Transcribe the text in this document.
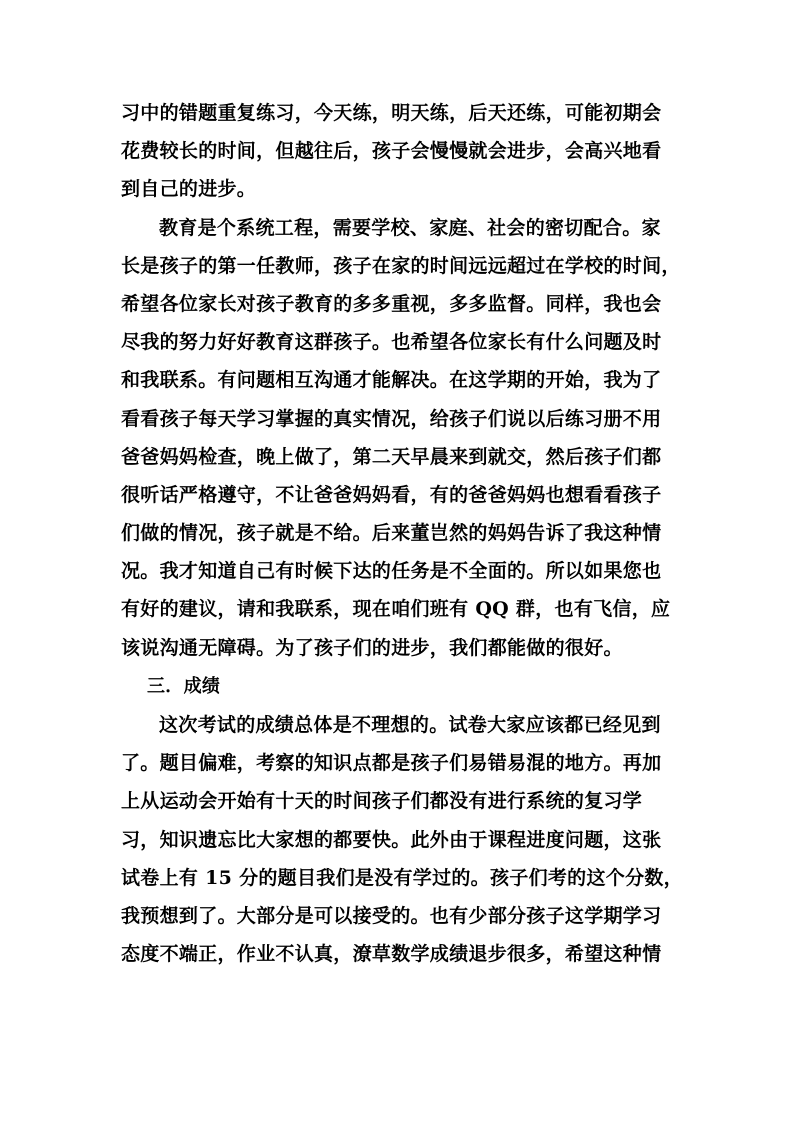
习中的错题重复练习，今天练，明天练，后天还练，可能初期会
花费较长的时间，但越往后，孩子会慢慢就会进步，会高兴地看
到自己的进步。
教育是个系统工程，需要学校、家庭、社会的密切配合。家
长是孩子的第一任教师，孩子在家的时间远远超过在学校的时间，
希望各位家长对孩子教育的多多重视，多多监督。同样，我也会
尽我的努力好好教育这群孩子。也希望各位家长有什么问题及时
和我联系。有问题相互沟通才能解决。在这学期的开始，我为了
看看孩子每天学习掌握的真实情况，给孩子们说以后练习册不用
爸爸妈妈检查，晚上做了，第二天早晨来到就交，然后孩子们都
很听话严格遵守，不让爸爸妈妈看，有的爸爸妈妈也想看看孩子
们做的情况，孩子就是不给。后来董岂然的妈妈告诉了我这种情
况。我才知道自己有时候下达的任务是不全面的。所以如果您也
有好的建议，请和我联系，现在咱们班有 QQ 群，也有飞信，应
该说沟通无障碍。为了孩子们的进步，我们都能做的很好。
三．成绩
这次考试的成绩总体是不理想的。试卷大家应该都已经见到
了。题目偏难，考察的知识点都是孩子们易错易混的地方。再加
上从运动会开始有十天的时间孩子们都没有进行系统的复习学
习，知识遗忘比大家想的都要快。此外由于课程进度问题，这张
试卷上有 15 分的题目我们是没有学过的。孩子们考的这个分数，
我预想到了。大部分是可以接受的。也有少部分孩子这学期学习
态度不端正，作业不认真，潦草数学成绩退步很多，希望这种情
